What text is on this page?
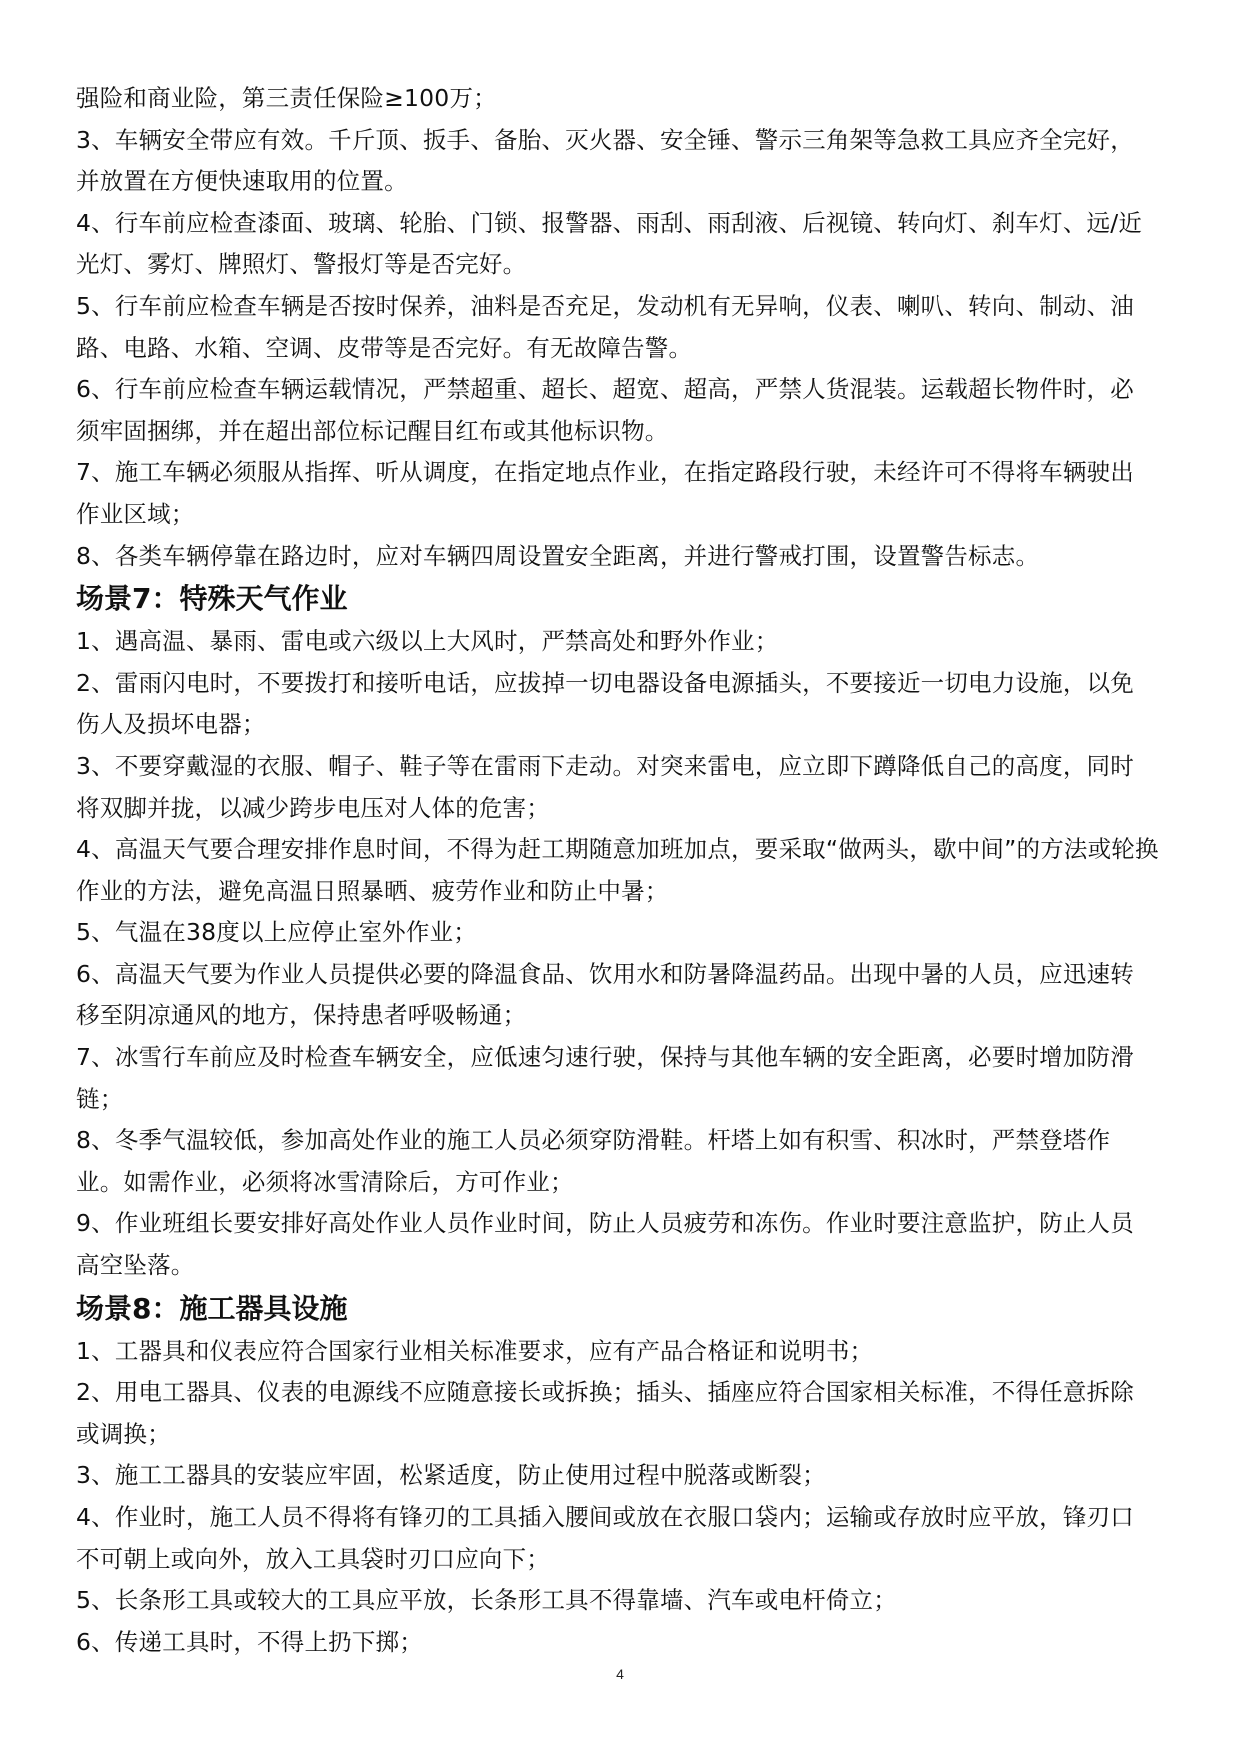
强险和商业险，第三责任保险≥100万；
3、车辆安全带应有效。千斤顶、扳手、备胎、灭火器、安全锤、警示三角架等急救工具应齐全完好，
并放置在方便快速取用的位置。
4、行车前应检查漆面、玻璃、轮胎、门锁、报警器、雨刮、雨刮液、后视镜、转向灯、刹车灯、远/近
光灯、雾灯、牌照灯、警报灯等是否完好。
5、行车前应检查车辆是否按时保养，油料是否充足，发动机有无异响，仪表、喇叭、转向、制动、油
路、电路、水箱、空调、皮带等是否完好。有无故障告警。
6、行车前应检查车辆运载情况，严禁超重、超长、超宽、超高，严禁人货混装。运载超长物件时，必
须牢固捆绑，并在超出部位标记醒目红布或其他标识物。
7、施工车辆必须服从指挥、听从调度，在指定地点作业，在指定路段行驶，未经许可不得将车辆驶出
作业区域；
8、各类车辆停靠在路边时，应对车辆四周设置安全距离，并进行警戒打围，设置警告标志。
场景7：特殊天气作业
1、遇高温、暴雨、雷电或六级以上大风时，严禁高处和野外作业；
2、雷雨闪电时，不要拨打和接听电话，应拔掉一切电器设备电源插头，不要接近一切电力设施，以免
伤人及损坏电器；
3、不要穿戴湿的衣服、帽子、鞋子等在雷雨下走动。对突来雷电，应立即下蹲降低自己的高度，同时
将双脚并拢，以减少跨步电压对人体的危害；
4、高温天气要合理安排作息时间，不得为赶工期随意加班加点，要采取“做两头，歇中间”的方法或轮换
作业的方法，避免高温日照暴晒、疲劳作业和防止中暑；
5、气温在38度以上应停止室外作业；
6、高温天气要为作业人员提供必要的降温食品、饮用水和防暑降温药品。出现中暑的人员，应迅速转
移至阴凉通风的地方，保持患者呼吸畅通；
7、冰雪行车前应及时检查车辆安全，应低速匀速行驶，保持与其他车辆的安全距离，必要时增加防滑
链；
8、冬季气温较低，参加高处作业的施工人员必须穿防滑鞋。杆塔上如有积雪、积冰时，严禁登塔作
业。如需作业，必须将冰雪清除后，方可作业；
9、作业班组长要安排好高处作业人员作业时间，防止人员疲劳和冻伤。作业时要注意监护，防止人员
高空坠落。
场景8：施工器具设施
1、工器具和仪表应符合国家行业相关标准要求，应有产品合格证和说明书；
2、用电工器具、仪表的电源线不应随意接长或拆换；插头、插座应符合国家相关标准，不得任意拆除
或调换；
3、施工工器具的安装应牢固，松紧适度，防止使用过程中脱落或断裂；
4、作业时，施工人员不得将有锋刃的工具插入腰间或放在衣服口袋内；运输或存放时应平放，锋刃口
不可朝上或向外，放入工具袋时刃口应向下；
5、长条形工具或较大的工具应平放，长条形工具不得靠墙、汽车或电杆倚立；
6、传递工具时，不得上扔下掷；
4
